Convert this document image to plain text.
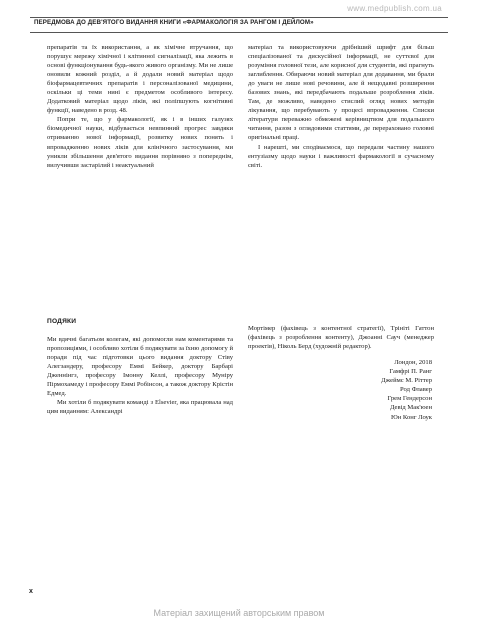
www.medpublish.com.ua
ПЕРЕДМОВА ДО ДЕВ'ЯТОГО ВИДАННЯ КНИГИ «ФАРМАКОЛОГІЯ ЗА РАНГОМ І ДЕЙЛОМ»

препаратів та їх використання, а як хімічне втручання, що порушує мережу хімічної і клітинної сигналізації, яка лежить в основі функціонування будь-якого живого організму. Ми не лише оновили кожний розділ, а й додали новий матеріал щодо біофармацевтичних препаратів і персоналізованої медицини, оскільки ці теми нині є предметом особливого інтересу. Додатковий матеріал щодо ліків, які поліпшують когнітивні функції, наведено в розд. 48.

Попри те, що у фармакології, як і в інших галузях біомедичної науки, відбувається невпинний прогрес завдяки отриманню нової інформації, розвитку нових понять і впровадженню нових ліків для клінічного застосування, ми уникли збільшення дев'ятого видання порівняно з попереднім, вилучивши застарілий і неактуальний

матеріал та використовуючи дрібніший шрифт для більш спеціалізованої та дискусійної інформації, не суттєвої для розуміння головної тези, але корисної для студентів, які прагнуть заглиблення. Обираючи новий матеріал для додавання, ми брали до уваги не лише нові речовини, але й нещодавні розширення базових знань, які передбачають подальше розроблення ліків. Там, де можливо, наведено стислий огляд нових методів лікування, що перебувають у процесі впровадження. Списки літератури переважно обмежені керівництвом для подальшого читання, разом з оглядовими статтями, де перераховано головні оригінальні праці.

І нарешті, ми сподіваємося, що передали частину нашого ентузіазму щодо науки і важливості фармакології в сучасному світі.

ПОДЯКИ

Ми вдячні багатьом колегам, які допомогли нам коментарями та пропозиціями, і особливо хотіли б подякувати за їхню допомогу й поради під час підготовки цього видання доктору Стіву Алегзандеру, професору Еммі Бейкер, доктору Барбарі Дженнінгз, професору Імонну Келлі, професору Муніру Пірмохамеду і професору Еммі Робінсон, а також доктору Крістін Едмед.

Ми хотіли б подякувати команді з Elsevier, яка працювала над цим виданням: Александрі

Мортімер (фахівець з контентної стратегії), Трініті Гаттон (фахівець з розроблення контенту), Джоанні Сауч (менеджер проектів), Ніколь Берд (художній редактор).

Лондон, 2018
Гамфрі П. Ранг
Джеймс М. Ріттер
Род Флавер
Грем Гендерсон
Девід Мак'юен
Юн Конг Лоук
x
Матеріал захищений авторським правом
